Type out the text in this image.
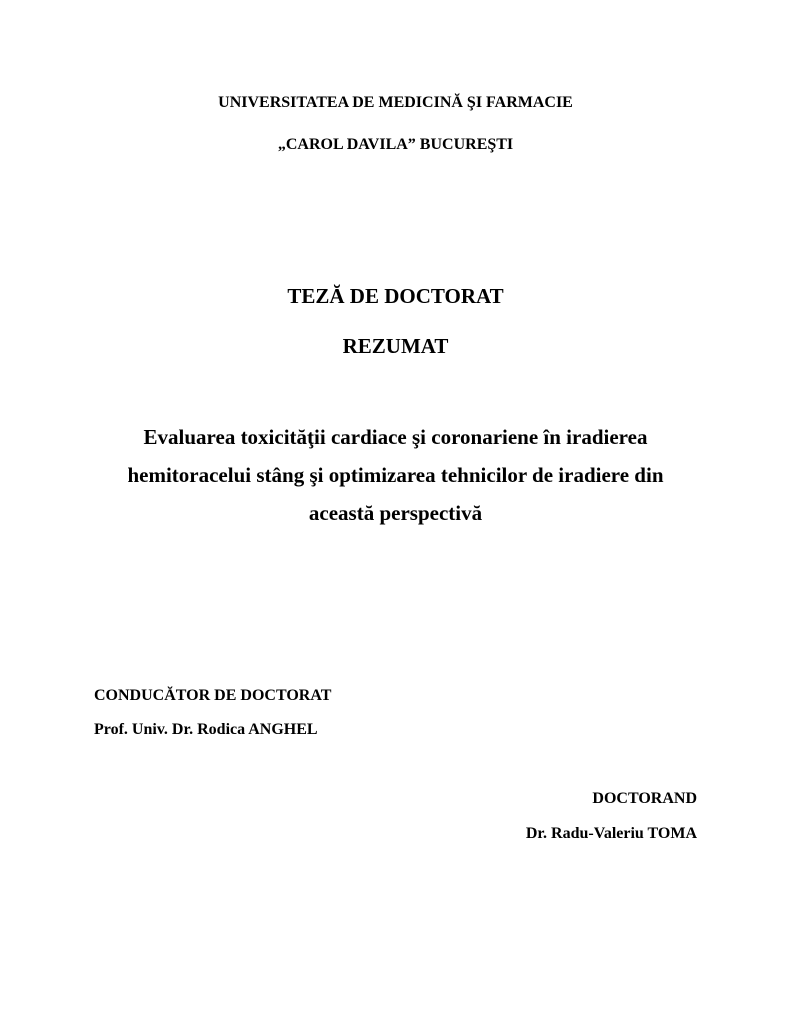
UNIVERSITATEA DE MEDICINĂ ŞI FARMACIE
„CAROL DAVILA” BUCUREŞTI
TEZĂ DE DOCTORAT
REZUMAT
Evaluarea toxicităţii cardiace şi coronariene în iradierea
hemitoracelui stâng şi optimizarea tehnicilor de iradiere din
această perspectivă
CONDUCĂTOR DE DOCTORAT
Prof. Univ. Dr. Rodica ANGHEL
DOCTORAND
Dr. Radu-Valeriu TOMA
